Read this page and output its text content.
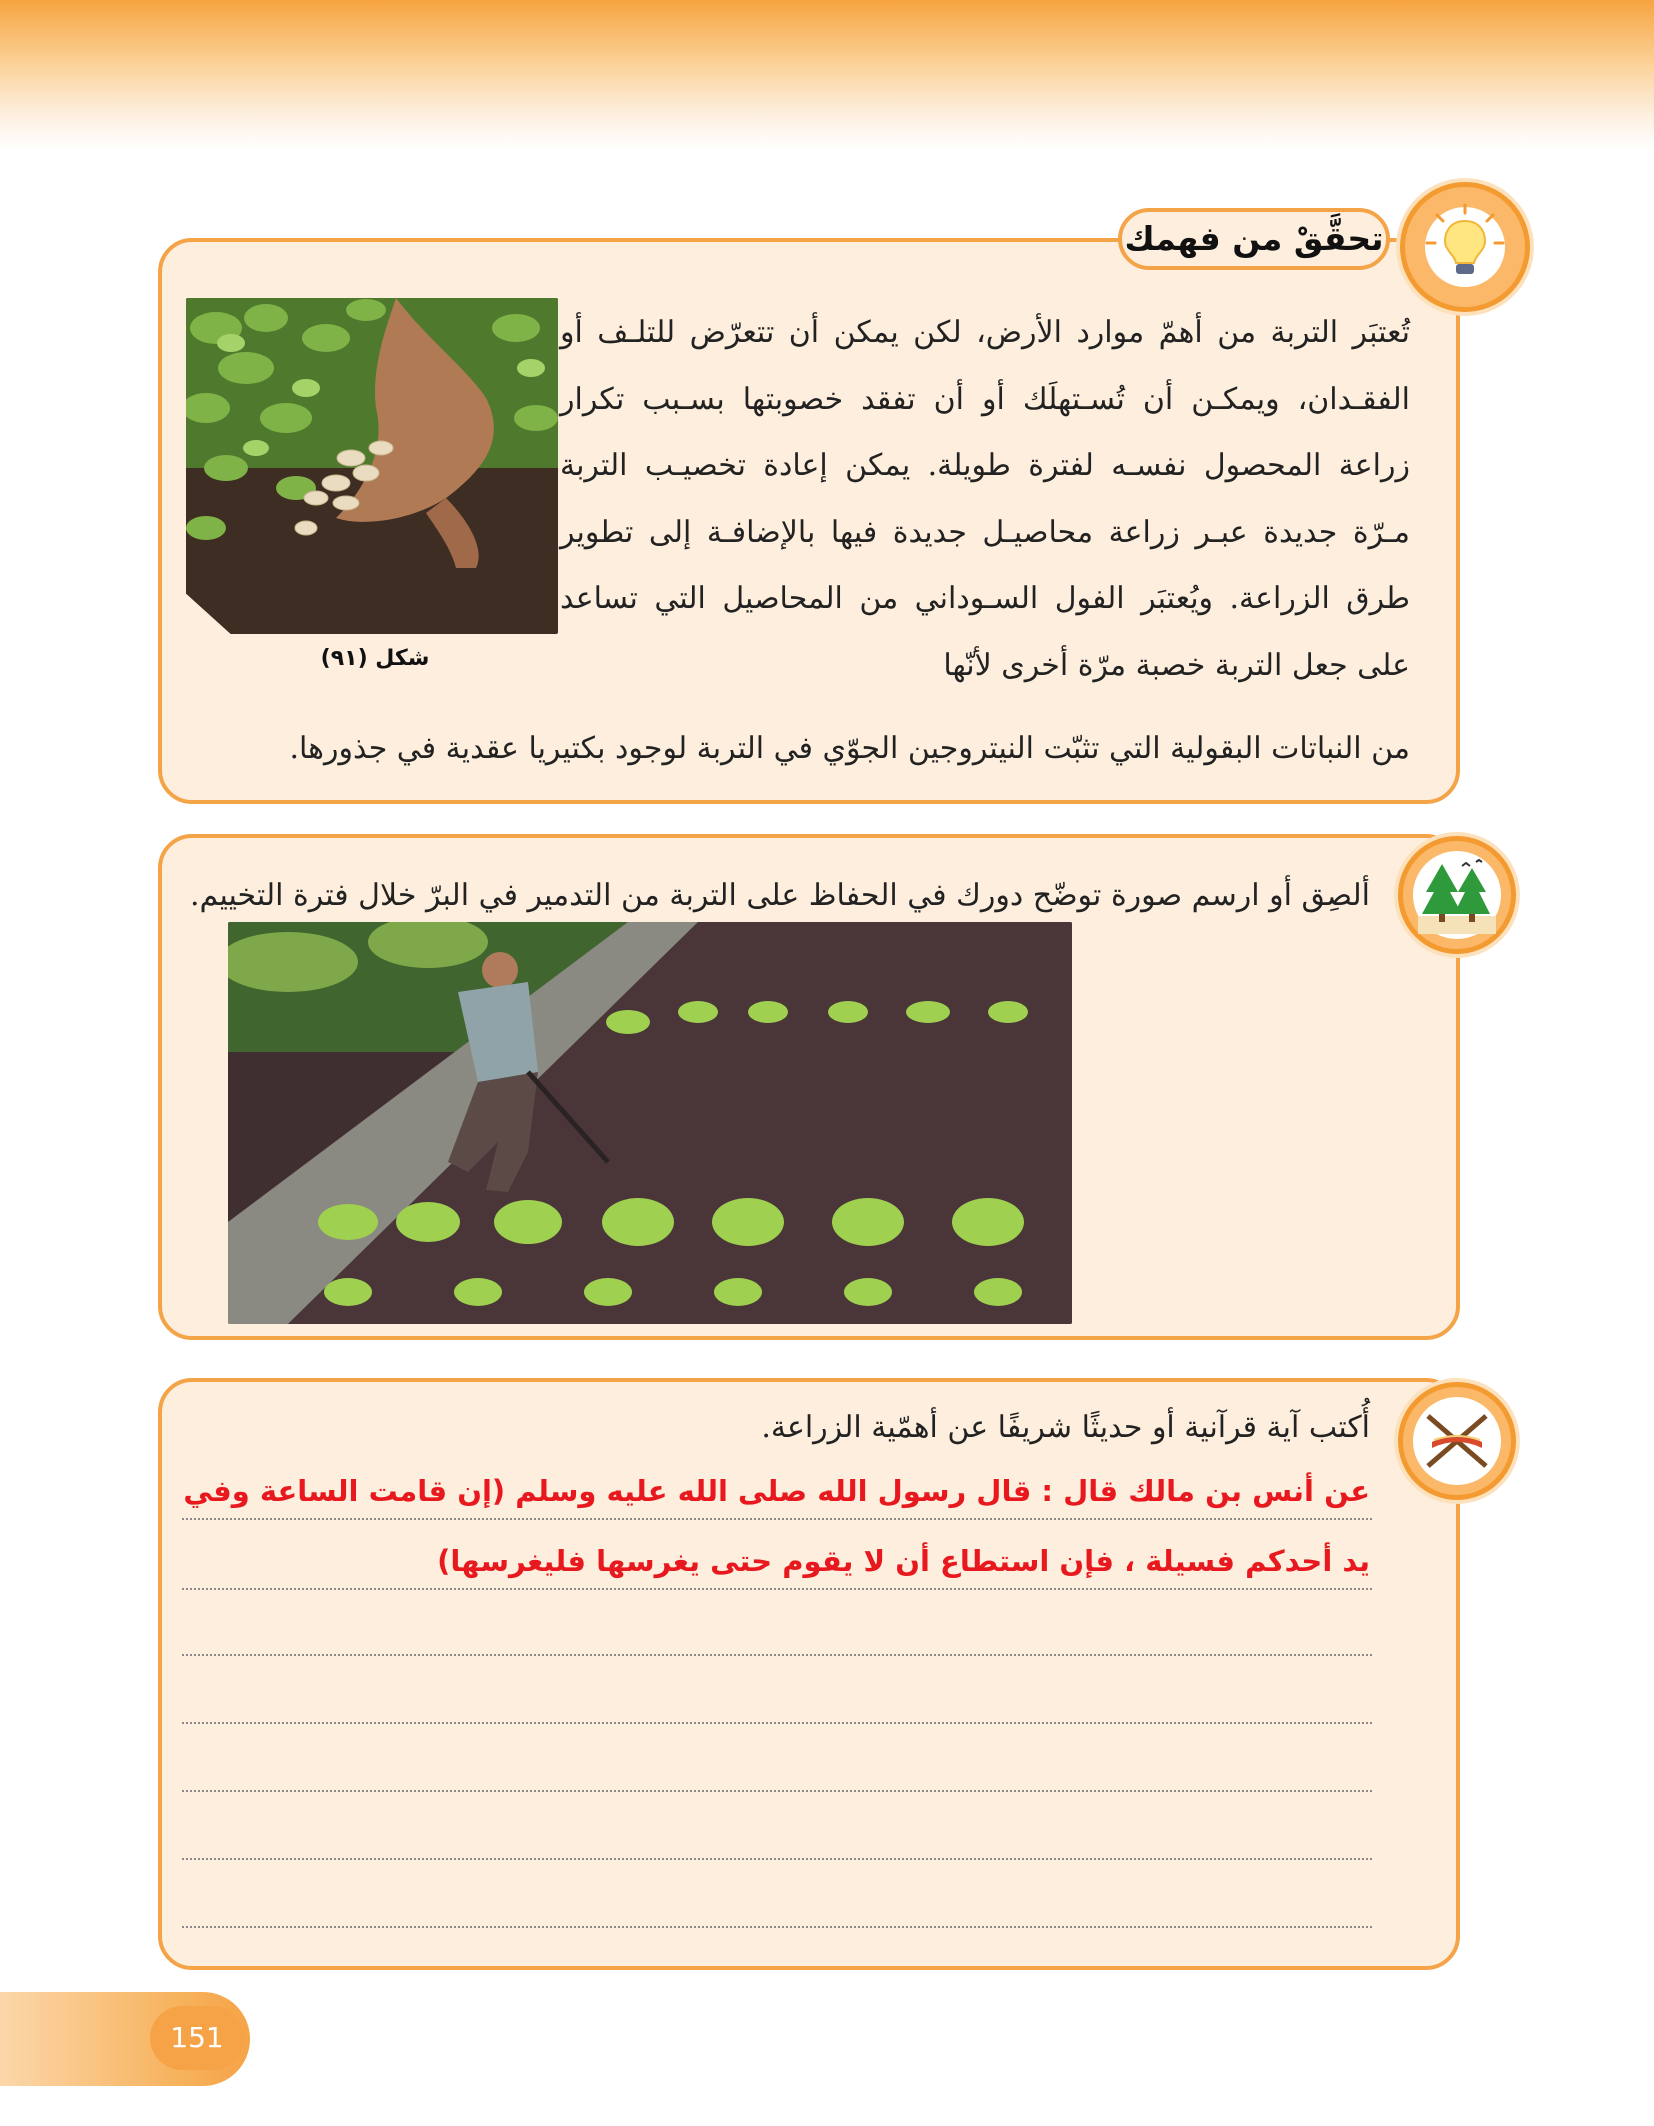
تحقَّقْ من فهمك
شكل (٩١)

تُعتبَر التربة من أهمّ موارد الأرض، لكن يمكن أن تتعرّض للتلـف أو الفقـدان، ويمكـن أن تُسـتهلَك أو أن تفقد خصوبتها بسـبب تكرار زراعة المحصول نفسـه لفترة طويلة. يمكن إعادة تخصيـب التربة مـرّة جديدة عبـر زراعة محاصيـل جديدة فيها بالإضافـة إلى تطوير طرق الزراعة. ويُعتبَر الفول السـوداني من المحاصيل التي تساعد على جعل التربة خصبة مرّة أخرى لأنّها

من النباتات البقولية التي تثبّت النيتروجين الجوّي في التربة لوجود بكتيريا عقدية في جذورها.

ألصِق أو ارسم صورة توضّح دورك في الحفاظ على التربة من التدمير في البرّ خلال فترة التخييم.

أُكتب آية قرآنية أو حديثًا شريفًا عن أهمّية الزراعة.

عن أنس بن مالك قال : قال رسول الله صلى الله عليه وسلم (إن قامت الساعة وفي
يد أحدكم فسيلة ، فإن استطاع أن لا يقوم حتى يغرسها فليغرسها)
151
